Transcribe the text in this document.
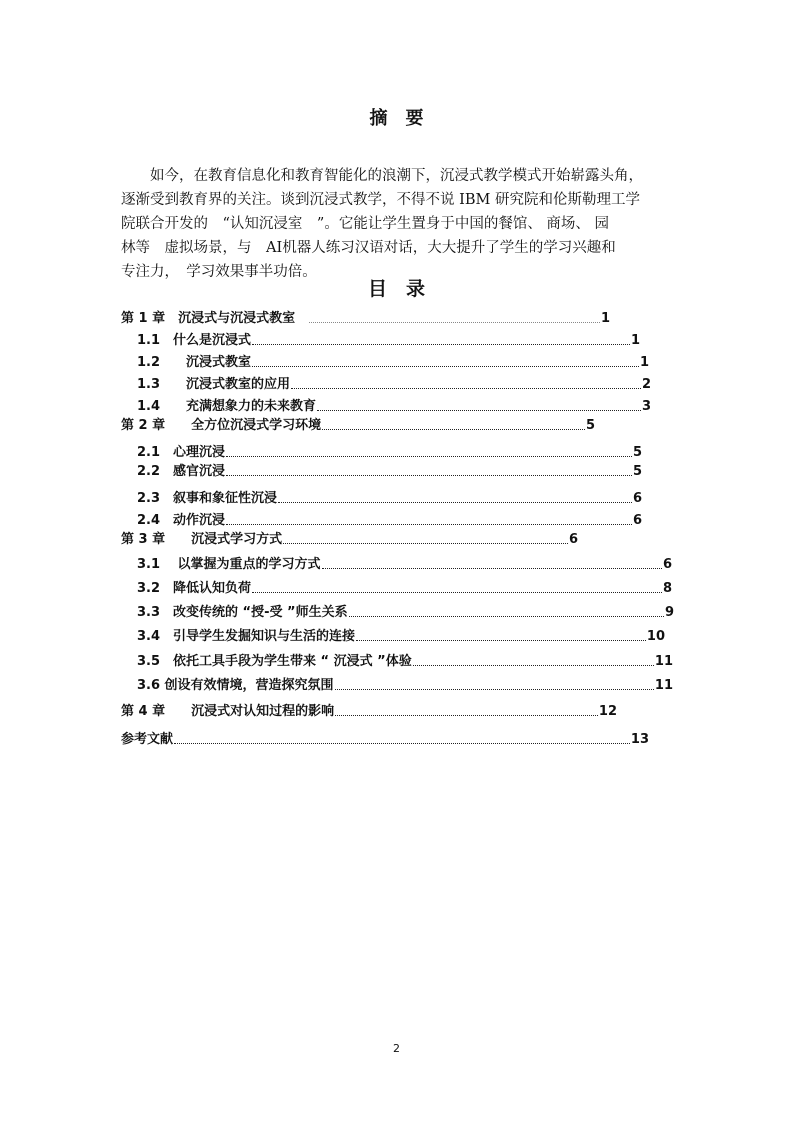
摘　要
　　如今，在教育信息化和教育智能化的浪潮下，沉浸式教学模式开始崭露头角，
逐渐受到教育界的关注。谈到沉浸式教学，不得不说 IBM 研究院和伦斯勒理工学
院联合开发的　“认知沉浸室　”。它能让学生置身于中国的餐馆、 商场、 园
林等　虚拟场景，与　AI机器人练习汉语对话，大大提升了学生的学习兴趣和
专注力，　学习效果事半功倍。
目　录
第 1 章　沉浸式与沉浸式教室　	1
1.1　什么是沉浸式	1
1.2　　沉浸式教室	1
1.3　　沉浸式教室的应用	2
1.4　　充满想象力的未来教育	3
第 2 章　　全方位沉浸式学习环境	5
2.1　心理沉浸	5
2.2　感官沉浸	5
2.3　叙事和象征性沉浸	6
2.4　动作沉浸	6
第 3 章　　沉浸式学习方式	6
3.1　 以掌握为重点的学习方式	6
3.2　降低认知负荷	8
3.3　改变传统的 “授-受 ”师生关系	9
3.4　引导学生发掘知识与生活的连接	10
3.5　依托工具手段为学生带来 “ 沉浸式 ”体验	11
3.6 创设有效情境，营造探究氛围	11
第 4 章　　沉浸式对认知过程的影响	12
参考文献	13
2
